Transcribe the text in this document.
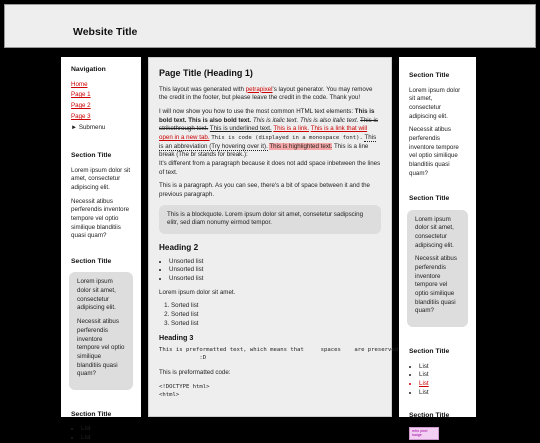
Website Title
Navigation
Home
Page 1
Page 2
Page 3
► Submenu
Section Title

Lorem ipsum dolor sit amet, consectetur adipiscing elit.

Necessit atibus perferendis inventore tempore vel optio similique blanditiis quasi quam?

Section Title

Lorem ipsum dolor sit amet, consectetur adipiscing elit.

Necessit atibus perferendis inventore tempore vel optio similique blanditiis quasi quam?

Section Title
• List
• List
Page Title (Heading 1)

This layout was generated with petrapixel's layout generator. You may remove the credit in the footer, but please leave the credit in the code. Thank you!

I will now show you how to use the most common HTML text elements: This is bold text. This is also bold text. This is italic text. This is also italic text. This is strikethrough text. This is underlined text. This is a link. This is a link that will open in a new tab. This is code (displayed in a monospace font). This is an abbreviation (Try hovering over it). This is highlighted text. This is a line break (The br stands for break.):
It's different from a paragraph because it does not add space inbetween the lines of text.

This is a paragraph. As you can see, there's a bit of space between it and the previous paragraph.

This is a blockquote. Lorem ipsum dolor sit amet, consetetur sadipscing elitr, sed diam nonumy eirmod tempor.
Heading 2
• Unsorted list
• Unsorted list
• Unsorted list

Lorem ipsum dolor sit amet.

1. Sorted list
2. Sorted list
3. Sorted list
Heading 3
This is preformatted text, which means that     spaces    are preserved
:D

This is preformatted code:

<!DOCTYPE html>
<html>
Section Title

Lorem ipsum dolor sit amet, consectetur adipiscing elit.

Necessit atibus perferendis inventore tempore vel optio similique blanditiis quasi quam?

Section Title

Lorem ipsum dolor sit amet, consectetur adipiscing elit.

Necessit atibus perferendis inventore tempore vel optio similique blanditiis quasi quam?

Section Title
• List
• List
• List
• List
Section Title
retro pixel badge
